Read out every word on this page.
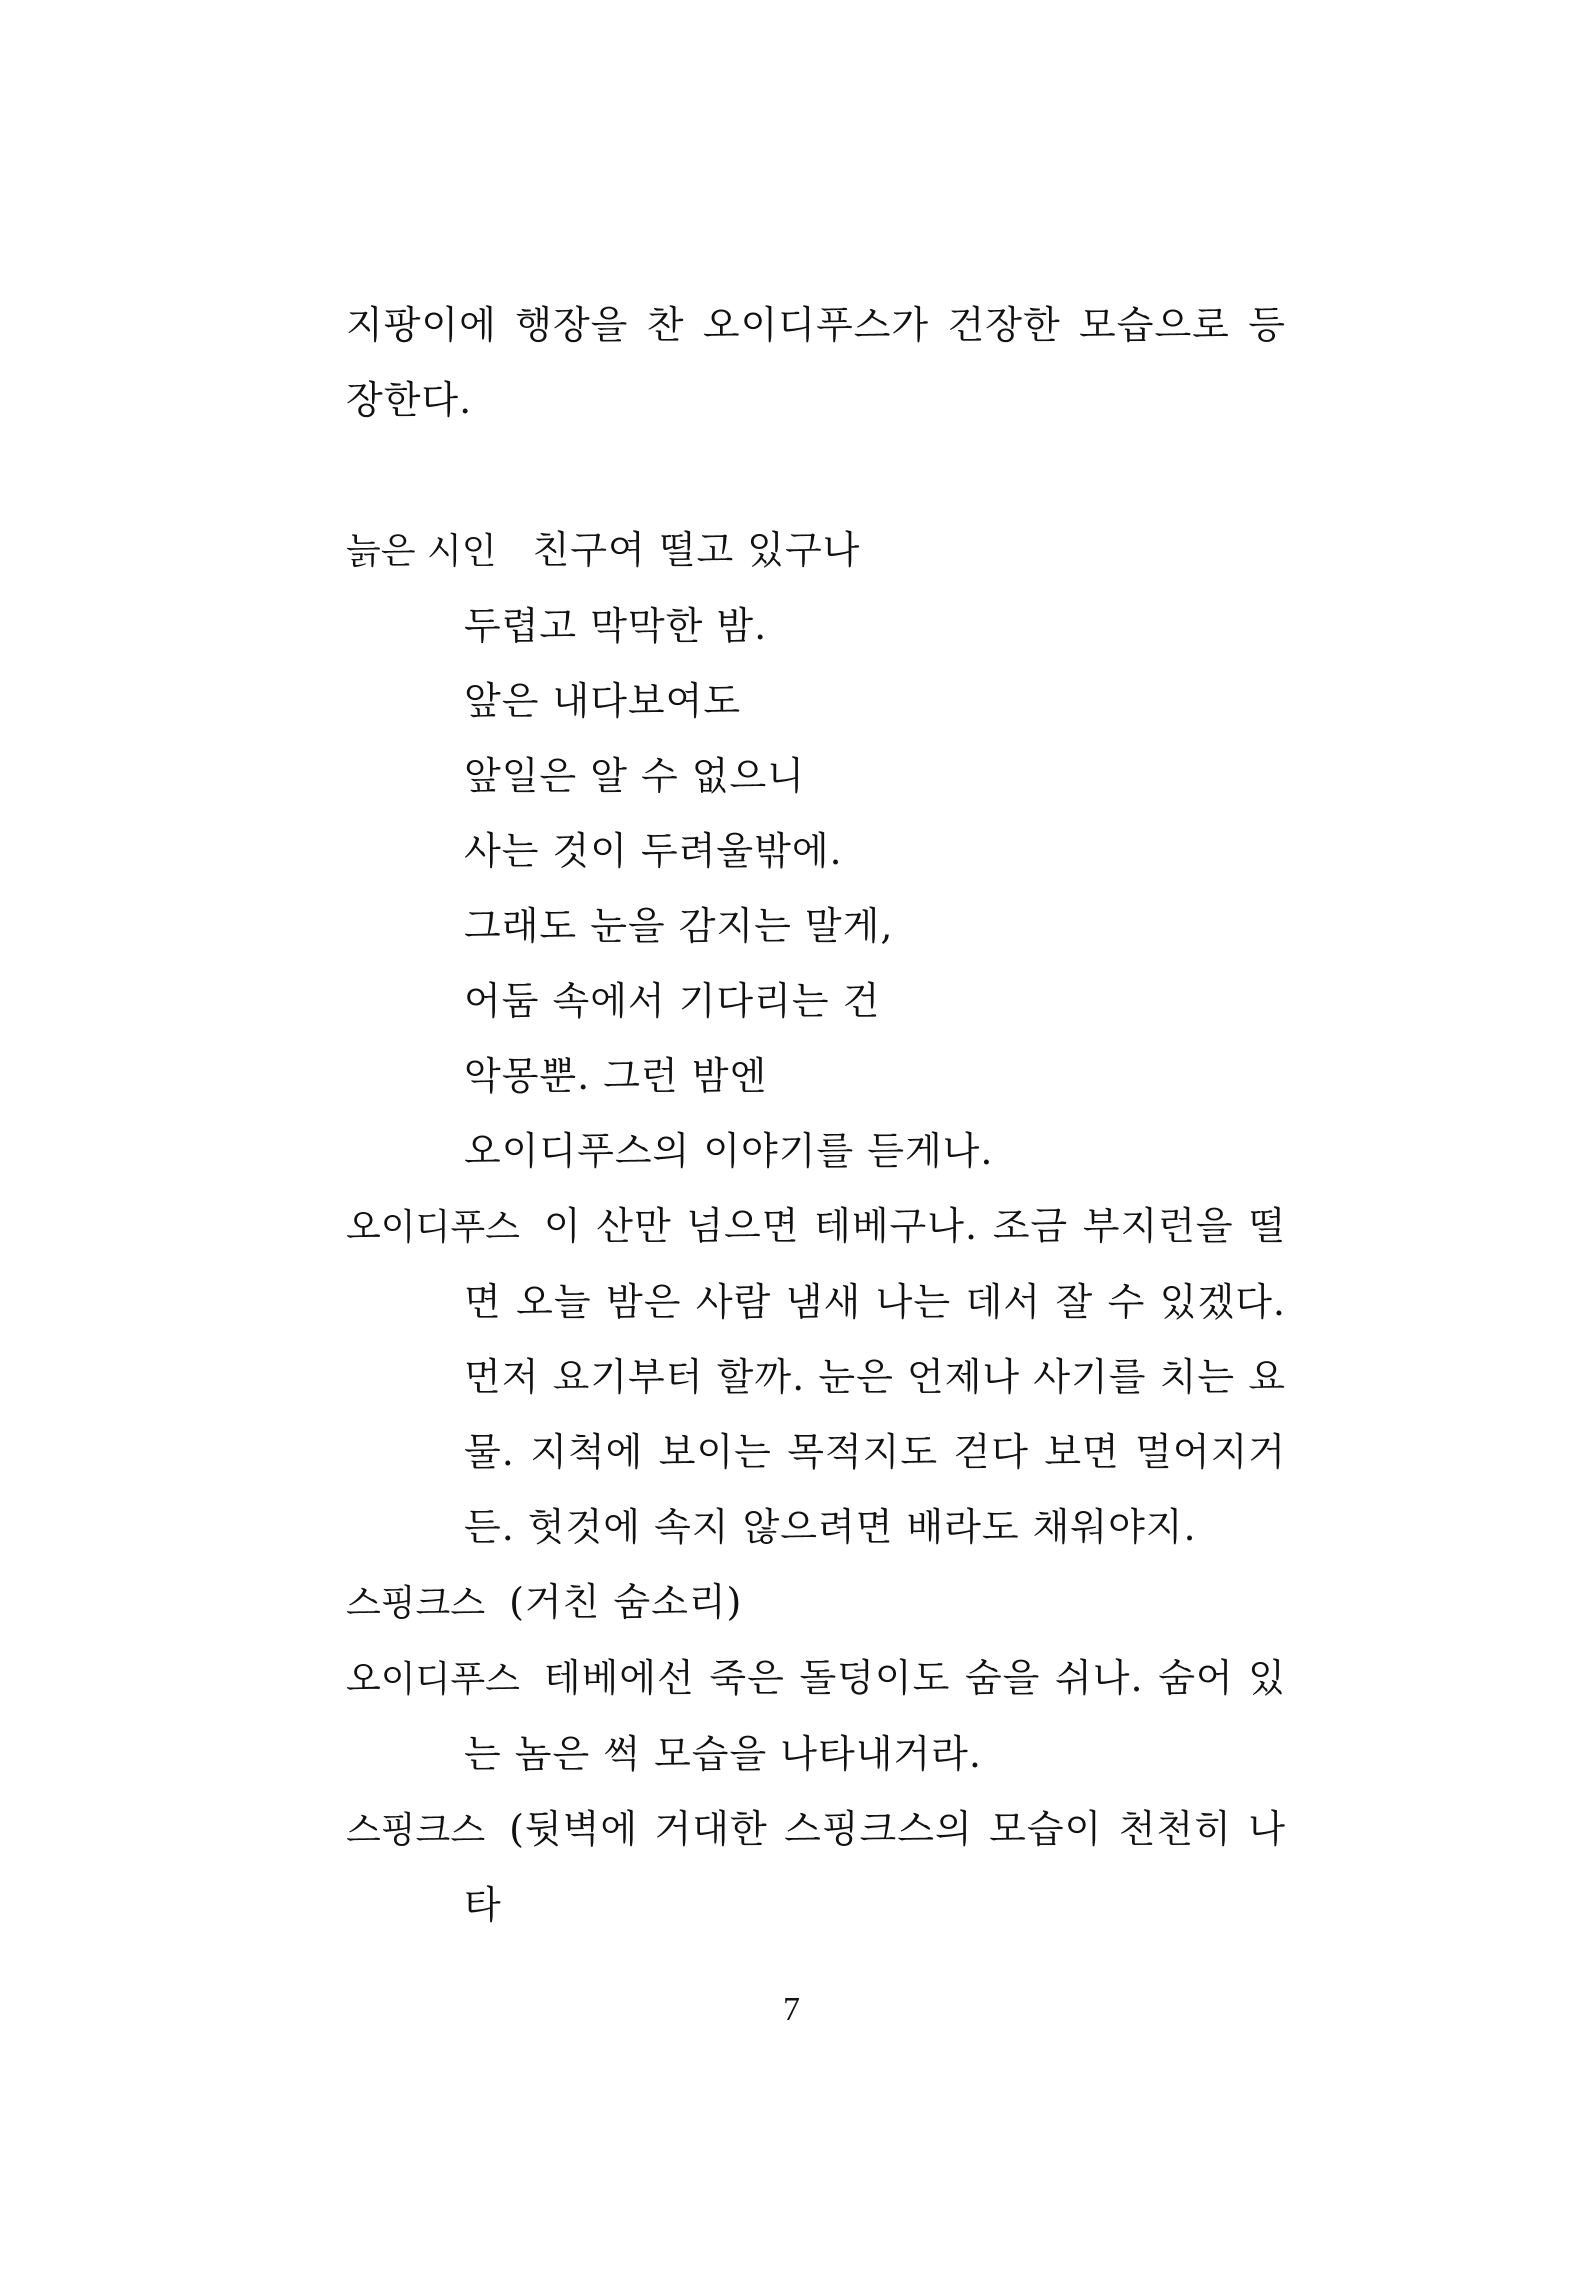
지팡이에 행장을 찬 오이디푸스가 건장한 모습으로 등장한다.

늙은 시인 친구여 떨고 있구나
두렵고 막막한 밤.
앞은 내다보여도
앞일은 알 수 없으니
사는 것이 두려울밖에.
그래도 눈을 감지는 말게,
어둠 속에서 기다리는 건
악몽뿐. 그런 밤엔
오이디푸스의 이야기를 듣게나.

오이디푸스 이 산만 넘으면 테베구나. 조금 부지런을 떨면 오늘 밤은 사람 냄새 나는 데서 잘 수 있겠다. 먼저 요기부터 할까. 눈은 언제나 사기를 치는 요물. 지척에 보이는 목적지도 걷다 보면 멀어지거든. 헛것에 속지 않으려면 배라도 채워야지.

스핑크스 (거친 숨소리)

오이디푸스 테베에선 죽은 돌덩이도 숨을 쉬나. 숨어 있는 놈은 썩 모습을 나타내거라.

스핑크스 (뒷벽에 거대한 스핑크스의 모습이 천천히 나타

7
